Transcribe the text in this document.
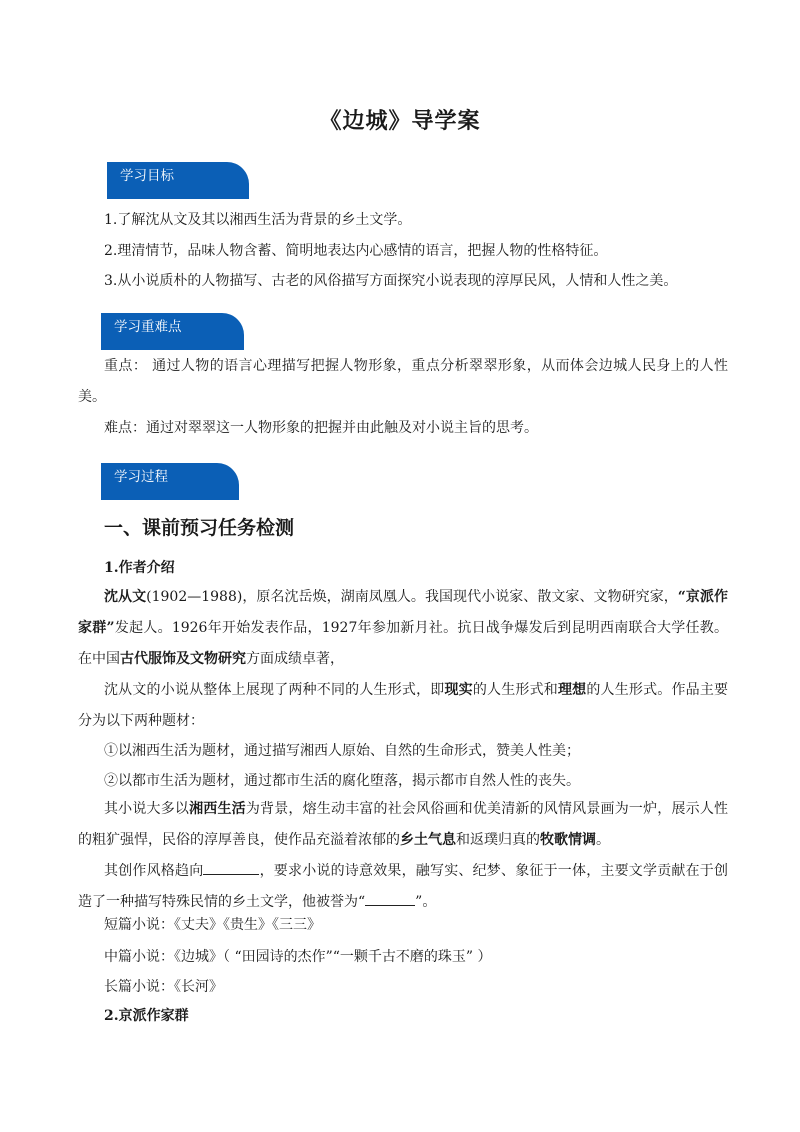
《边城》导学案
学习目标
1.了解沈从文及其以湘西生活为背景的乡土文学。
2.理清情节，品味人物含蓄、简明地表达内心感情的语言，把握人物的性格特征。
3.从小说质朴的人物描写、古老的风俗描写方面探究小说表现的淳厚民风，人情和人性之美。
学习重难点

重点： 通过人物的语言心理描写把握人物形象，重点分析翠翠形象，从而体会边城人民身上的人性美。

难点：通过对翠翠这一人物形象的把握并由此触及对小说主旨的思考。
学习过程
一、课前预习任务检测
1.作者介绍

沈从文(1902—1988)，原名沈岳焕，湖南凤凰人。我国现代小说家、散文家、文物研究家，“京派作家群”发起人。1926年开始发表作品，1927年参加新月社。抗日战争爆发后到昆明西南联合大学任教。在中国古代服饰及文物研究方面成绩卓著，

沈从文的小说从整体上展现了两种不同的人生形式，即现实的人生形式和理想的人生形式。作品主要分为以下两种题材：

①以湘西生活为题材，通过描写湘西人原始、自然的生命形式，赞美人性美；
②以都市生活为题材，通过都市生活的腐化堕落，揭示都市自然人性的丧失。

其小说大多以湘西生活为背景，熔生动丰富的社会风俗画和优美清新的风情风景画为一炉，展示人性的粗犷强悍，民俗的淳厚善良，使作品充溢着浓郁的乡土气息和返璞归真的牧歌情调。

其创作风格趋向	，要求小说的诗意效果，融写实、纪梦、象征于一体，主要文学贡献在于创造了一种描写特殊民情的乡土文学，他被誉为“	”。

短篇小说：《丈夫》《贵生》《三三》
中篇小说：《边城》（ “田园诗的杰作”“一颗千古不磨的珠玉” ）
长篇小说：《长河》
2.京派作家群
